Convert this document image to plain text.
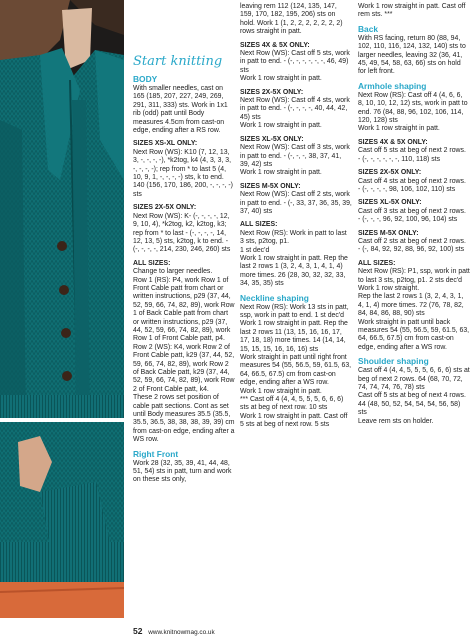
Start knitting
BODY
With smaller needles, cast on 165 (185, 207, 227, 249, 269, 291, 311, 333) sts. Work in 1x1 rib (odd) patt until Body measures 4.5cm from cast-on edge, ending after a RS row.
SIZES XS-XL ONLY:
Next Row (WS): K10 (7, 12, 13, 3, -, -, -, -), *k2tog, k4 (4, 3, 3, 3, -, -, -, -); rep from * to last 5 (4, 10, 9, 1, -, -, -, -) sts, k to end. 140 (156, 170, 186, 200, -, -, -, -) sts
SIZES 2X-5X ONLY:
Next Row (WS): K- (-, -, -, -, 12, 9, 10, 4), *k2tog, k2, k2tog, k3; rep from * to last - (-, -, -, -, 14, 12, 13, 5) sts, k2tog, k to end. - (-, -, -, -, 214, 230, 246, 260) sts
ALL SIZES:
Change to larger needles.
Row 1 (RS): P4, work Row 1 of Front Cable patt from chart or written instructions, p29 (37, 44, 52, 59, 66, 74, 82, 89), work Row 1 of Back Cable patt from chart or written instructions, p29 (37, 44, 52, 59, 66, 74, 82, 89), work Row 1 of Front Cable patt, p4.
Row 2 (WS): K4, work Row 2 of Front Cable patt, k29 (37, 44, 52, 59, 66, 74, 82, 89), work Row 2 of Back Cable patt, k29 (37, 44, 52, 59, 66, 74, 82, 89), work Row 2 of Front Cable patt, k4.
These 2 rows set position of cable patt sections. Cont as set until Body measures 35.5 (35.5, 35.5, 36.5, 38, 38, 38, 39, 39) cm from cast-on edge, ending after a WS row.
Right Front
Work 28 (32, 35, 39, 41, 44, 48, 51, 54) sts in patt, turn and work on these sts only,
leaving rem 112 (124, 135, 147, 159, 170, 182, 195, 206) sts on hold. Work 1 (1, 2, 2, 2, 2, 2, 2, 2) rows straight in patt.
SIZES 4X & 5X ONLY:
Next Row (WS): Cast off 5 sts, work in patt to end. - (-, -, -, -, -, -, 46, 49) sts
Work 1 row straight in patt.
SIZES 2X-5X ONLY:
Next Row (WS): Cast off 4 sts, work in patt to end. - (-, -, -, -, 40, 44, 42, 45) sts
Work 1 row straight in patt.
SIZES XL-5X ONLY:
Next Row (WS): Cast off 3 sts, work in patt to end. - (-, -, -, 38, 37, 41, 39, 42) sts
Work 1 row straight in patt.
SIZES M-5X ONLY:
Next Row (WS): Cast off 2 sts, work in patt to end. - (-, 33, 37, 36, 35, 39, 37, 40) sts
ALL SIZES:
Next Row (RS): Work in patt to last 3 sts, p2tog, p1.
1 st dec'd
Work 1 row straight in patt. Rep the last 2 rows 1 (3, 2, 4, 3, 1, 4, 1, 4) more times. 26 (28, 30, 32, 32, 33, 34, 35, 35) sts
Neckline shaping
Next Row (RS): Work 13 sts in patt, ssp, work in patt to end. 1 st dec'd
Work 1 row straight in patt. Rep the last 2 rows 11 (13, 15, 16, 16, 17, 17, 18, 18) more times. 14 (14, 14, 15, 15, 15, 16, 16, 16) sts
Work straight in patt until right front measures 54 (55, 56.5, 59, 61.5, 63, 64, 66.5, 67.5) cm from cast-on edge, ending after a WS row.
Work 1 row straight in patt.
*** Cast off 4 (4, 4, 5, 5, 5, 6, 6, 6) sts at beg of next row. 10 sts
Work 1 row straight in patt. Cast off 5 sts at beg of next row. 5 sts
Work 1 row straight in patt. Cast off rem sts. ***
Back
With RS facing, return 80 (88, 94, 102, 110, 116, 124, 132, 140) sts to larger needles, leaving 32 (36, 41, 45, 49, 54, 58, 63, 66) sts on hold for left front.
Armhole shaping
Next Row (RS): Cast off 4 (4, 6, 6, 8, 10, 10, 12, 12) sts, work in patt to end. 76 (84, 88, 96, 102, 106, 114, 120, 128) sts
Work 1 row straight in patt.
SIZES 4X & 5X ONLY:
Cast off 5 sts at beg of next 2 rows. - (-, -, -, -, -, -, 110, 118) sts
SIZES 2X-5X ONLY:
Cast off 4 sts at beg of next 2 rows. - (-, -, -, -, 98, 106, 102, 110) sts
SIZES XL-5X ONLY:
Cast off 3 sts at beg of next 2 rows. - (-, -, -, 96, 92, 100, 96, 104) sts
SIZES M-5X ONLY:
Cast off 2 sts at beg of next 2 rows. - (-, 84, 92, 92, 88, 96, 92, 100) sts
ALL SIZES:
Next Row (RS): P1, ssp, work in patt to last 3 sts, p2tog, p1. 2 sts dec'd
Work 1 row straight.
Rep the last 2 rows 1 (3, 2, 4, 3, 1, 4, 1, 4) more times. 72 (76, 78, 82, 84, 84, 86, 88, 90) sts
Work straight in patt until back measures 54 (55, 56.5, 59, 61.5, 63, 64, 66.5, 67.5) cm from cast-on edge, ending after a WS row.
Shoulder shaping
Cast off 4 (4, 4, 5, 5, 5, 6, 6, 6) sts at beg of next 2 rows. 64 (68, 70, 72, 74, 74, 74, 76, 78) sts
Cast off 5 sts at beg of next 4 rows. 44 (48, 50, 52, 54, 54, 54, 56, 58) sts
Leave rem sts on holder.
52 www.knitnowmag.co.uk
